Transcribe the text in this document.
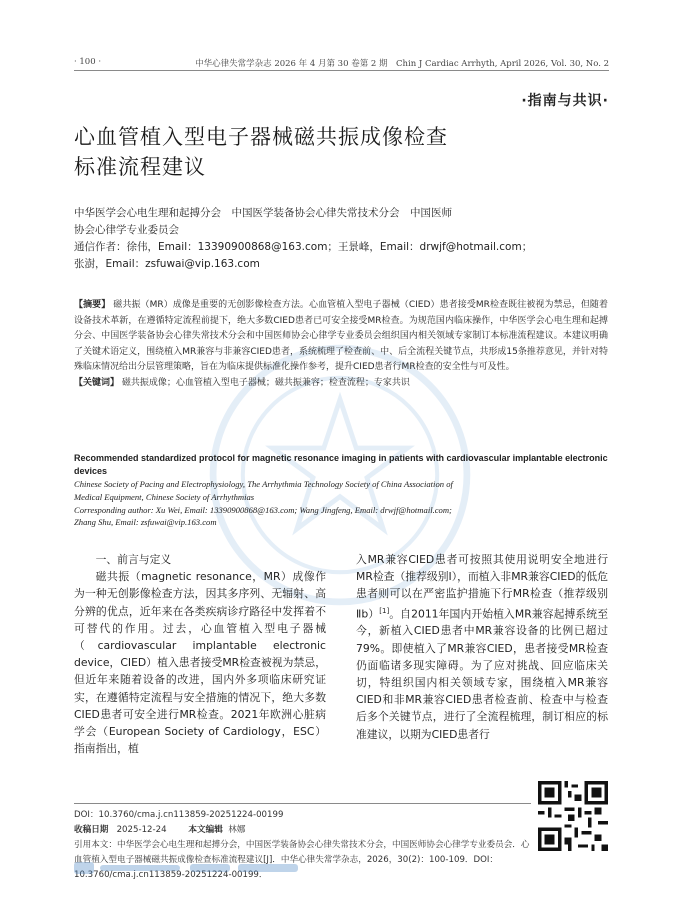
· 100 ·	中华心律失常学杂志 2026 年 4 月第 30 卷第 2 期　Chin J Cardiac Arrhyth, April 2026, Vol. 30, No. 2
·指南与共识·
心血管植入型电子器械磁共振成像检查
标准流程建议
中华医学会心电生理和起搏分会　中国医学装备协会心律失常技术分会　中国医师
协会心律学专业委员会
通信作者：徐伟，Email：13390900868@163.com；王景峰，Email：drwjf@hotmail.com；
张澍，Email：zsfuwai@vip.163.com

【摘要】 磁共振（MR）成像是重要的无创影像检查方法。心血管植入型电子器械（CIED）患者接受MR检查既往被视为禁忌，但随着设备技术革新，在遵循特定流程前提下，绝大多数CIED患者已可安全接受MR检查。为规范国内临床操作，中华医学会心电生理和起搏分会、中国医学装备协会心律失常技术分会和中国医师协会心律学专业委员会组织国内相关领域专家制订本标准流程建议。本建议明确了关键术语定义，围绕植入MR兼容与非兼容CIED患者，系统梳理了检查前、中、后全流程关键节点，共形成15条推荐意见，并针对特殊临床情况给出分层管理策略，旨在为临床提供标准化操作参考，提升CIED患者行MR检查的安全性与可及性。

【关键词】 磁共振成像；心血管植入型电子器械；磁共振兼容；检查流程；专家共识

Recommended standardized protocol for magnetic resonance imaging in patients with cardiovascular implantable electronic devices

Chinese Society of Pacing and Electrophysiology, The Arrhythmia Technology Society of China Association of

Medical Equipment, Chinese Society of Arrhythmias

Corresponding author: Xu Wei, Email: 13390900868@163.com; Wang Jingfeng, Email: drwjf@hotmail.com;

Zhang Shu, Email: zsfuwai@vip.163.com

一、前言与定义

磁共振（magnetic resonance，MR）成像作为一种无创影像检查方法，因其多序列、无辐射、高分辨的优点，近年来在各类疾病诊疗路径中发挥着不可替代的作用。过去，心血管植入型电子器械（cardiovascular implantable electronic device，CIED）植入患者接受MR检查被视为禁忌，但近年来随着设备的改进，国内外多项临床研究证实，在遵循特定流程与安全措施的情况下，绝大多数CIED患者可安全进行MR检查。2021年欧洲心脏病学会（European Society of Cardiology，ESC）指南指出，植

入MR兼容CIED患者可按照其使用说明安全地进行MR检查（推荐级别Ⅰ），而植入非MR兼容CIED的低危患者则可以在严密监护措施下行MR检查（推荐级别Ⅱb）[1]。自2011年国内开始植入MR兼容起搏系统至今，新植入CIED患者中MR兼容设备的比例已超过79%。即使植入了MR兼容CIED，患者接受MR检查仍面临诸多现实障碍。为了应对挑战、回应临床关切，特组织国内相关领域专家，围绕植入MR兼容CIED和非MR兼容CIED患者检查前、检查中与检查后多个关键节点，进行了全流程梳理，制订相应的标准建议，以期为CIED患者行

DOI：10.3760/cma.j.cn113859-20251224-00199

收稿日期 2025-12-24	本文编辑 林娜

引用本文：中华医学会心电生理和起搏分会，中国医学装备协会心律失常技术分会，中国医师协会心律学专业委员会．心血管植入型电子器械磁共振成像检查标准流程建议[J]．中华心律失常学杂志，2026，30(2)：100-109．DOI：10.3760/cma.j.cn113859-20251224-00199．
